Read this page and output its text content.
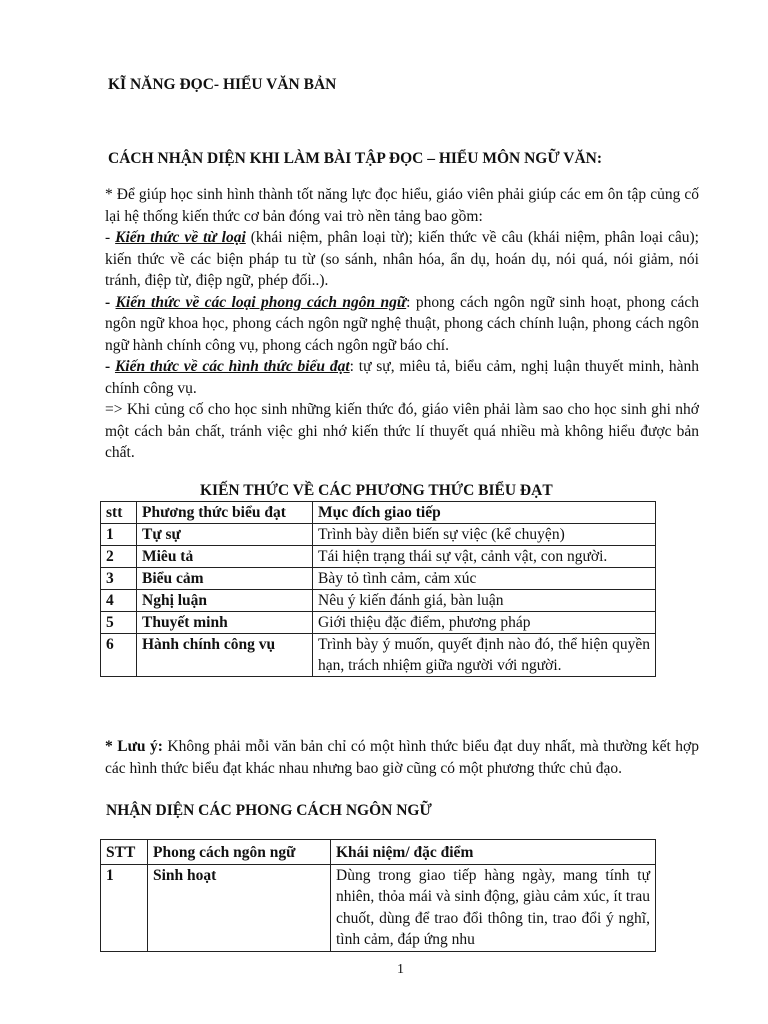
KĨ NĂNG ĐỌC- HIỂU VĂN BẢN
CÁCH NHẬN DIỆN KHI LÀM BÀI TẬP ĐỌC – HIỂU MÔN NGỮ VĂN:
* Để giúp học sinh hình thành tốt năng lực đọc hiểu, giáo viên phải giúp các em ôn tập củng cố lại hệ thống kiến thức cơ bản đóng vai trò nền tảng bao gồm:
- Kiến thức về từ loại (khái niệm, phân loại từ); kiến thức về câu (khái niệm, phân loại câu); kiến thức về các biện pháp tu từ (so sánh, nhân hóa, ẩn dụ, hoán dụ, nói quá, nói giảm, nói tránh, điệp từ, điệp ngữ, phép đối..).
- Kiến thức về các loại phong cách ngôn ngữ: phong cách ngôn ngữ sinh hoạt, phong cách ngôn ngữ khoa học, phong cách ngôn ngữ nghệ thuật, phong cách chính luận, phong cách ngôn ngữ hành chính công vụ, phong cách ngôn ngữ báo chí.
- Kiến thức về các hình thức biểu đạt: tự sự, miêu tả, biểu cảm, nghị luận thuyết minh, hành chính công vụ.
=> Khi củng cố cho học sinh những kiến thức đó, giáo viên phải làm sao cho học sinh ghi nhớ một cách bản chất, tránh việc ghi nhớ kiến thức lí thuyết quá nhiều mà không hiểu được bản chất.
KIẾN THỨC VỀ CÁC PHƯƠNG THỨC BIỂU ĐẠT
stt	Phương thức biểu đạt	Mục đích giao tiếp
1	Tự sự	Trình bày diễn biến sự việc (kể chuyện)
2	Miêu tả	Tái hiện trạng thái sự vật, cảnh vật, con người.
3	Biểu cảm	Bày tỏ tình cảm, cảm xúc
4	Nghị luận	Nêu ý kiến đánh giá, bàn luận
5	Thuyết minh	Giới thiệu đặc điểm, phương pháp
6	Hành chính công vụ	Trình bày ý muốn, quyết định nào đó, thể hiện quyền hạn, trách nhiệm giữa người với người.
* Lưu ý: Không phải mỗi văn bản chỉ có một hình thức biểu đạt duy nhất, mà thường kết hợp các hình thức biểu đạt khác nhau nhưng bao giờ cũng có một phương thức chủ đạo.
NHẬN DIỆN CÁC PHONG CÁCH NGÔN NGỮ
STT	Phong cách ngôn ngữ	Khái niệm/ đặc điểm
1	Sinh hoạt	Dùng trong giao tiếp hàng ngày, mang tính tự nhiên, thỏa mái và sinh động, giàu cảm xúc, ít trau chuốt, dùng để trao đổi thông tin, trao đổi ý nghĩ, tình cảm, đáp ứng nhu
1
